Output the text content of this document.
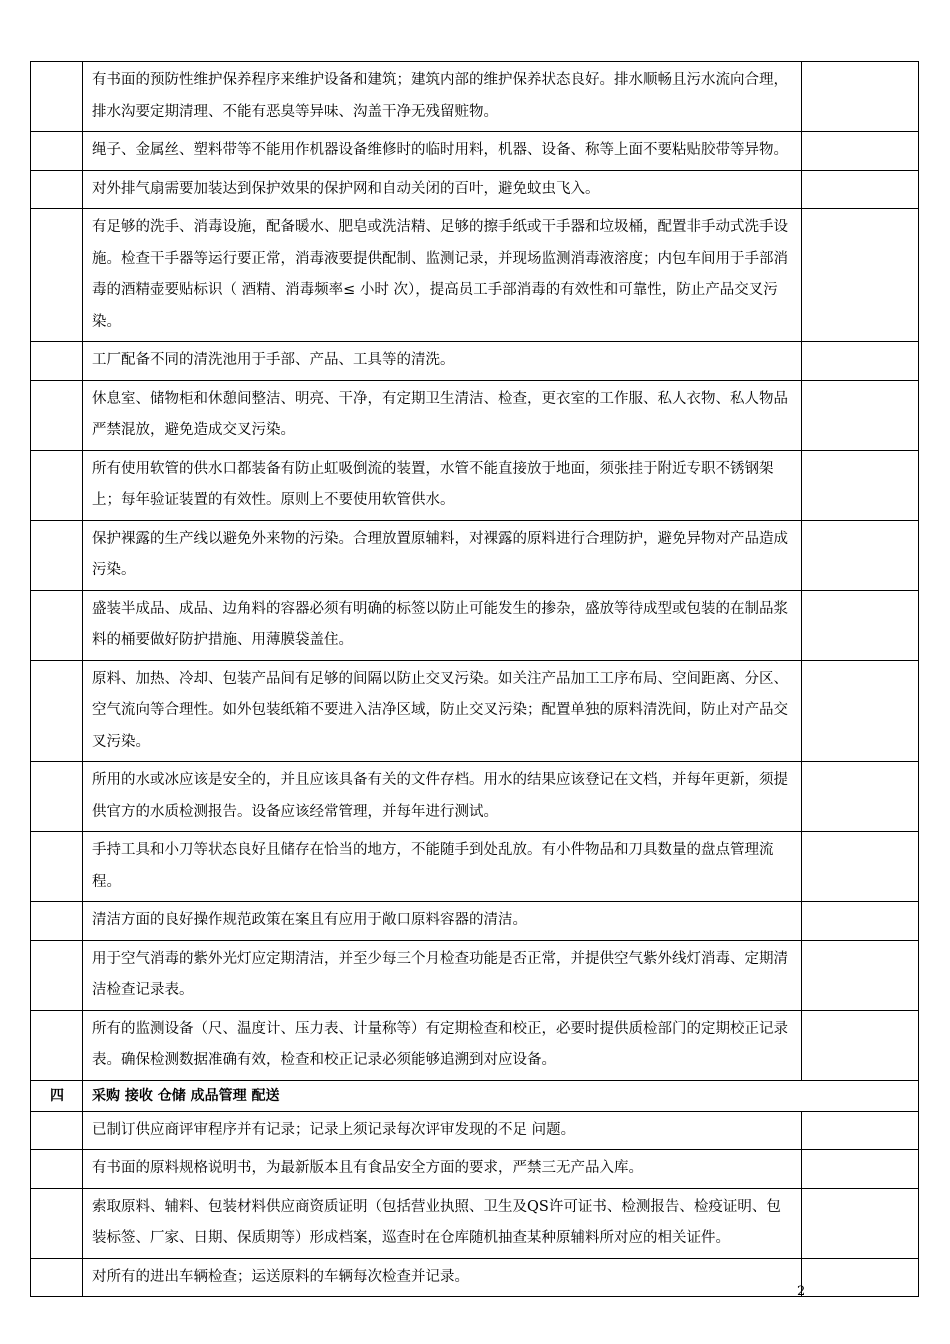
	有书面的预防性维护保养程序来维护设备和建筑；建筑内部的维护保养状态良好。排水顺畅且污水流向合理，排水沟要定期清理、不能有恶臭等异味、沟盖干净无残留赃物。	
	绳子、金属丝、塑料带等不能用作机器设备维修时的临时用料，机器、设备、称等上面不要粘贴胶带等异物。	
	对外排气扇需要加装达到保护效果的保护网和自动关闭的百叶，避免蚊虫飞入。	
	有足够的洗手、消毒设施，配备暖水、肥皂或洗洁精、足够的擦手纸或干手器和垃圾桶，配置非手动式洗手设施。检查干手器等运行要正常，消毒液要提供配制、监测记录，并现场监测消毒液溶度；内包车间用于手部消毒的酒精壶要贴标识（ 酒精、消毒频率≤ 小时 次），提高员工手部消毒的有效性和可靠性，防止产品交叉污染。	
	工厂配备不同的清洗池用于手部、产品、工具等的清洗。	
	休息室、储物柜和休憩间整洁、明亮、干净，有定期卫生清洁、检查，更衣室的工作服、私人衣物、私人物品严禁混放，避免造成交叉污染。	
	所有使用软管的供水口都装备有防止虹吸倒流的装置，水管不能直接放于地面，须张挂于附近专职不锈钢架上；每年验证装置的有效性。原则上不要使用软管供水。	
	保护裸露的生产线以避免外来物的污染。合理放置原辅料，对裸露的原料进行合理防护，避免异物对产品造成污染。	
	盛装半成品、成品、边角料的容器必须有明确的标签以防止可能发生的掺杂，盛放等待成型或包装的在制品浆料的桶要做好防护措施、用薄膜袋盖住。	
	原料、加热、冷却、包装产品间有足够的间隔以防止交叉污染。如关注产品加工工序布局、空间距离、分区、空气流向等合理性。如外包装纸箱不要进入洁净区域，防止交叉污染；配置单独的原料清洗间，防止对产品交叉污染。	
	所用的水或冰应该是安全的，并且应该具备有关的文件存档。用水的结果应该登记在文档，并每年更新，须提供官方的水质检测报告。设备应该经常管理，并每年进行测试。	
	手持工具和小刀等状态良好且储存在恰当的地方，不能随手到处乱放。有小件物品和刀具数量的盘点管理流程。	
	清洁方面的良好操作规范政策在案且有应用于敞口原料容器的清洁。	
	用于空气消毒的紫外光灯应定期清洁，并至少每三个月检查功能是否正常，并提供空气紫外线灯消毒、定期清洁检查记录表。	
	所有的监测设备（尺、温度计、压力表、计量称等）有定期检查和校正，必要时提供质检部门的定期校正记录表。确保检测数据准确有效，检查和校正记录必须能够追溯到对应设备。	
四	采购 接收 仓储 成品管理 配送	
	已制订供应商评审程序并有记录；记录上须记录每次评审发现的不足 问题。	
	有书面的原料规格说明书，为最新版本且有食品安全方面的要求，严禁三无产品入库。	
	索取原料、辅料、包装材料供应商资质证明（包括营业执照、卫生及QS许可证书、检测报告、检疫证明、包装标签、厂家、日期、保质期等）形成档案，巡查时在仓库随机抽查某种原辅料所对应的相关证件。	
	对所有的进出车辆检查；运送原料的车辆每次检查并记录。	
2
